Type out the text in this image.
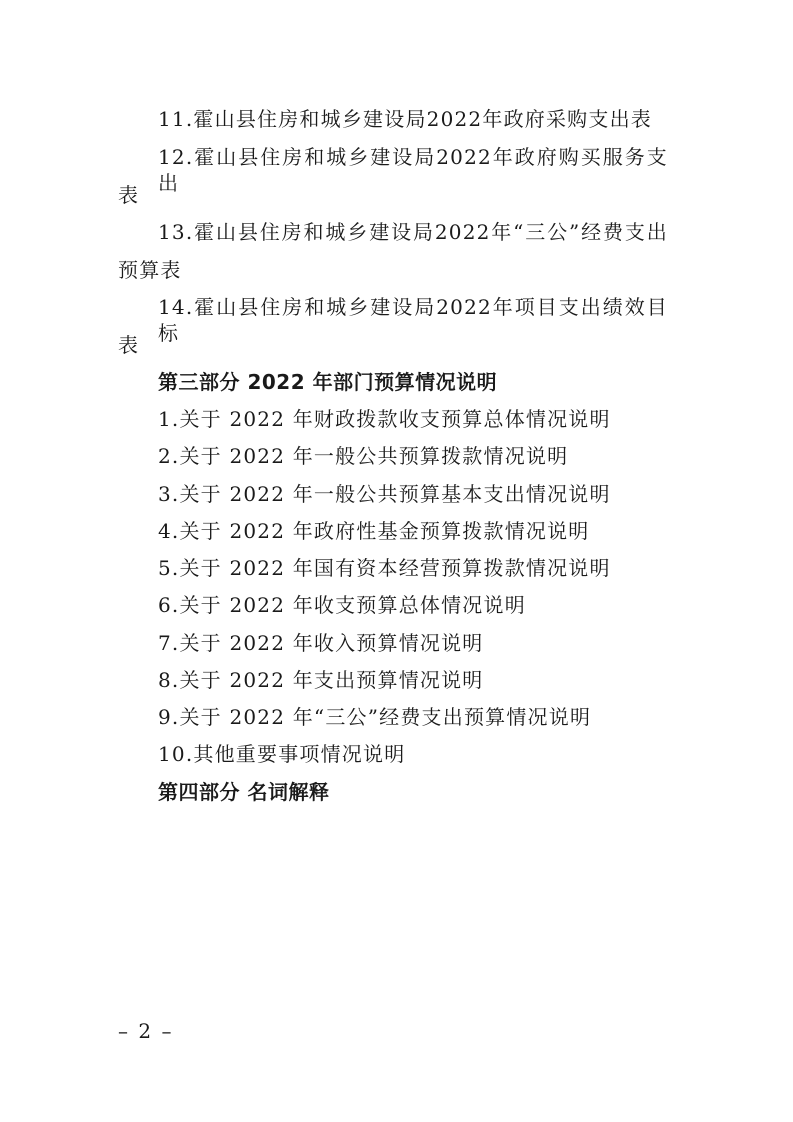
11.霍山县住房和城乡建设局2022年政府采购支出表
12.霍山县住房和城乡建设局2022年政府购买服务支出
表
13.霍山县住房和城乡建设局2022年“三公”经费支出
预算表
14.霍山县住房和城乡建设局2022年项目支出绩效目标
表
第三部分 2022 年部门预算情况说明
1.关于 2022 年财政拨款收支预算总体情况说明
2.关于 2022 年一般公共预算拨款情况说明
3.关于 2022 年一般公共预算基本支出情况说明
4.关于 2022 年政府性基金预算拨款情况说明
5.关于 2022 年国有资本经营预算拨款情况说明
6.关于 2022 年收支预算总体情况说明
7.关于 2022 年收入预算情况说明
8.关于 2022 年支出预算情况说明
9.关于 2022 年“三公”经费支出预算情况说明
10.其他重要事项情况说明
第四部分 名词解释
– 2 –
